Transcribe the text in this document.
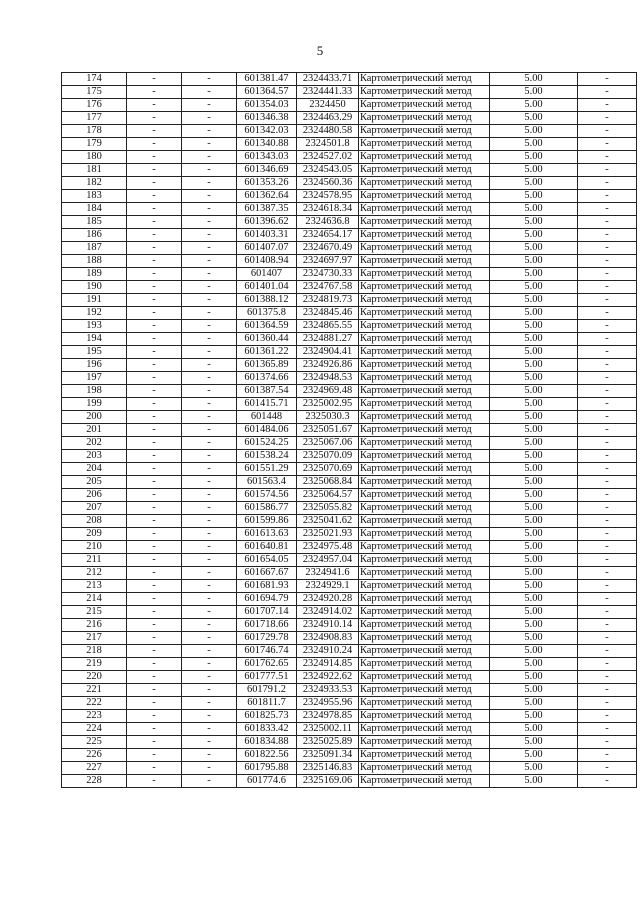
5
174	-	-	601381.47	2324433.71	Картометрический метод	5.00	-
175	-	-	601364.57	2324441.33	Картометрический метод	5.00	-
176	-	-	601354.03	2324450	Картометрический метод	5.00	-
177	-	-	601346.38	2324463.29	Картометрический метод	5.00	-
178	-	-	601342.03	2324480.58	Картометрический метод	5.00	-
179	-	-	601340.88	2324501.8	Картометрический метод	5.00	-
180	-	-	601343.03	2324527.02	Картометрический метод	5.00	-
181	-	-	601346.69	2324543.05	Картометрический метод	5.00	-
182	-	-	601353.26	2324560.36	Картометрический метод	5.00	-
183	-	-	601362.64	2324578.95	Картометрический метод	5.00	-
184	-	-	601387.35	2324618.34	Картометрический метод	5.00	-
185	-	-	601396.62	2324636.8	Картометрический метод	5.00	-
186	-	-	601403.31	2324654.17	Картометрический метод	5.00	-
187	-	-	601407.07	2324670.49	Картометрический метод	5.00	-
188	-	-	601408.94	2324697.97	Картометрический метод	5.00	-
189	-	-	601407	2324730.33	Картометрический метод	5.00	-
190	-	-	601401.04	2324767.58	Картометрический метод	5.00	-
191	-	-	601388.12	2324819.73	Картометрический метод	5.00	-
192	-	-	601375.8	2324845.46	Картометрический метод	5.00	-
193	-	-	601364.59	2324865.55	Картометрический метод	5.00	-
194	-	-	601360.44	2324881.27	Картометрический метод	5.00	-
195	-	-	601361.22	2324904.41	Картометрический метод	5.00	-
196	-	-	601365.89	2324926.86	Картометрический метод	5.00	-
197	-	-	601374.66	2324948.53	Картометрический метод	5.00	-
198	-	-	601387.54	2324969.48	Картометрический метод	5.00	-
199	-	-	601415.71	2325002.95	Картометрический метод	5.00	-
200	-	-	601448	2325030.3	Картометрический метод	5.00	-
201	-	-	601484.06	2325051.67	Картометрический метод	5.00	-
202	-	-	601524.25	2325067.06	Картометрический метод	5.00	-
203	-	-	601538.24	2325070.09	Картометрический метод	5.00	-
204	-	-	601551.29	2325070.69	Картометрический метод	5.00	-
205	-	-	601563.4	2325068.84	Картометрический метод	5.00	-
206	-	-	601574.56	2325064.57	Картометрический метод	5.00	-
207	-	-	601586.77	2325055.82	Картометрический метод	5.00	-
208	-	-	601599.86	2325041.62	Картометрический метод	5.00	-
209	-	-	601613.63	2325021.93	Картометрический метод	5.00	-
210	-	-	601640.81	2324975.48	Картометрический метод	5.00	-
211	-	-	601654.05	2324957.04	Картометрический метод	5.00	-
212	-	-	601667.67	2324941.6	Картометрический метод	5.00	-
213	-	-	601681.93	2324929.1	Картометрический метод	5.00	-
214	-	-	601694.79	2324920.28	Картометрический метод	5.00	-
215	-	-	601707.14	2324914.02	Картометрический метод	5.00	-
216	-	-	601718.66	2324910.14	Картометрический метод	5.00	-
217	-	-	601729.78	2324908.83	Картометрический метод	5.00	-
218	-	-	601746.74	2324910.24	Картометрический метод	5.00	-
219	-	-	601762.65	2324914.85	Картометрический метод	5.00	-
220	-	-	601777.51	2324922.62	Картометрический метод	5.00	-
221	-	-	601791.2	2324933.53	Картометрический метод	5.00	-
222	-	-	601811.7	2324955.96	Картометрический метод	5.00	-
223	-	-	601825.73	2324978.85	Картометрический метод	5.00	-
224	-	-	601833.42	2325002.11	Картометрический метод	5.00	-
225	-	-	601834.88	2325025.89	Картометрический метод	5.00	-
226	-	-	601822.56	2325091.34	Картометрический метод	5.00	-
227	-	-	601795.88	2325146.83	Картометрический метод	5.00	-
228	-	-	601774.6	2325169.06	Картометрический метод	5.00	-
